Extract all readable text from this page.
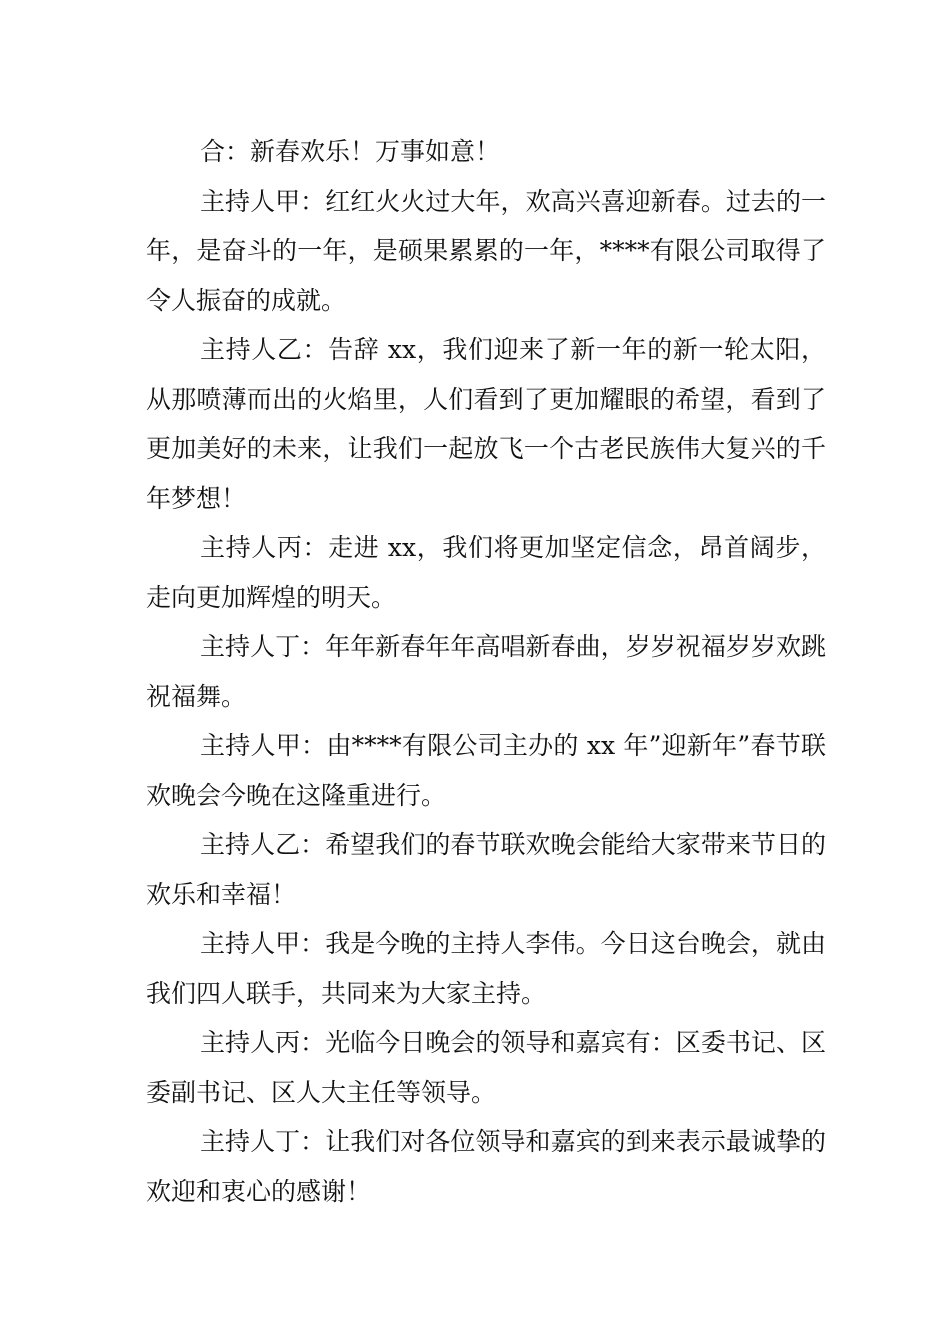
合：新春欢乐！万事如意！

主持人甲：红红火火过大年，欢高兴喜迎新春。过去的一年，是奋斗的一年，是硕果累累的一年，****有限公司取得了令人振奋的成就。

主持人乙：告辞 xx，我们迎来了新一年的新一轮太阳，从那喷薄而出的火焰里，人们看到了更加耀眼的希望，看到了更加美好的未来，让我们一起放飞一个古老民族伟大复兴的千年梦想！

主持人丙：走进 xx，我们将更加坚定信念，昂首阔步，走向更加辉煌的明天。

主持人丁：年年新春年年高唱新春曲，岁岁祝福岁岁欢跳祝福舞。

主持人甲：由****有限公司主办的 xx 年”迎新年”春节联欢晚会今晚在这隆重进行。

主持人乙：希望我们的春节联欢晚会能给大家带来节日的欢乐和幸福！

主持人甲：我是今晚的主持人李伟。今日这台晚会，就由我们四人联手，共同来为大家主持。

主持人丙：光临今日晚会的领导和嘉宾有：区委书记、区委副书记、区人大主任等领导。

主持人丁：让我们对各位领导和嘉宾的到来表示最诚挚的欢迎和衷心的感谢！
